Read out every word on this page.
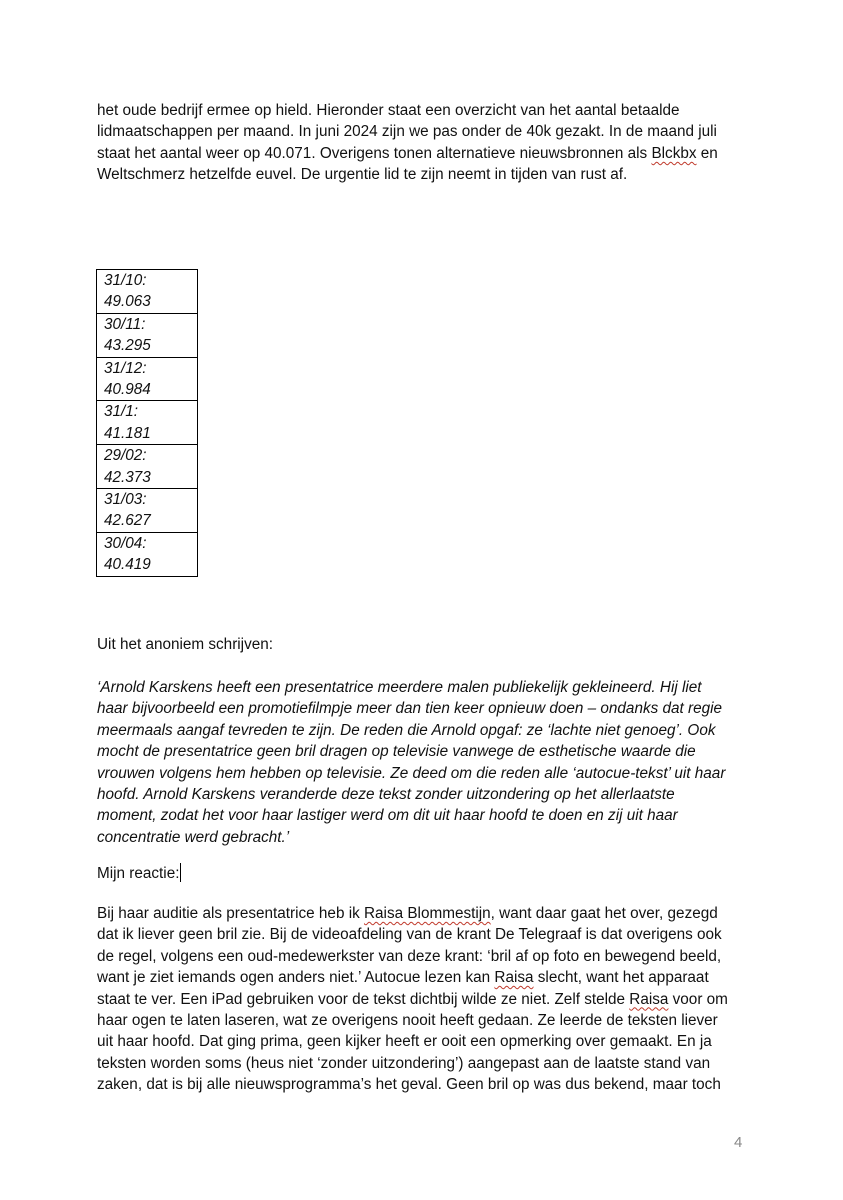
het oude bedrijf ermee op hield. Hieronder staat een overzicht van het aantal betaalde
lidmaatschappen per maand. In juni 2024 zijn we pas onder de 40k gezakt. In de maand juli
staat het aantal weer op 40.071. Overigens tonen alternatieve nieuwsbronnen als Blckbx en
Weltschmerz hetzelfde euvel. De urgentie lid te zijn neemt in tijden van rust af.

31/10:
49.063

30/11:
43.295

31/12:
40.984

31/1:
41.181

29/02:
42.373

31/03:
42.627

30/04:
40.419

Uit het anoniem schrijven:

‘Arnold Karskens heeft een presentatrice meerdere malen publiekelijk gekleineerd. Hij liet
haar bijvoorbeeld een promotiefilmpje meer dan tien keer opnieuw doen – ondanks dat regie
meermaals aangaf tevreden te zijn. De reden die Arnold opgaf: ze ‘lachte niet genoeg’. Ook
mocht de presentatrice geen bril dragen op televisie vanwege de esthetische waarde die
vrouwen volgens hem hebben op televisie. Ze deed om die reden alle ‘autocue-tekst’ uit haar
hoofd. Arnold Karskens veranderde deze tekst zonder uitzondering op het allerlaatste
moment, zodat het voor haar lastiger werd om dit uit haar hoofd te doen en zij uit haar
concentratie werd gebracht.’

Mijn reactie:

Bij haar auditie als presentatrice heb ik Raisa Blommestijn, want daar gaat het over, gezegd
dat ik liever geen bril zie. Bij de videoafdeling van de krant De Telegraaf is dat overigens ook
de regel, volgens een oud-medewerkster van deze krant: ‘bril af op foto en bewegend beeld,
want je ziet iemands ogen anders niet.’ Autocue lezen kan Raisa slecht, want het apparaat
staat te ver. Een iPad gebruiken voor de tekst dichtbij wilde ze niet. Zelf stelde Raisa voor om
haar ogen te laten laseren, wat ze overigens nooit heeft gedaan. Ze leerde de teksten liever
uit haar hoofd. Dat ging prima, geen kijker heeft er ooit een opmerking over gemaakt. En ja
teksten worden soms (heus niet ‘zonder uitzondering’) aangepast aan de laatste stand van
zaken, dat is bij alle nieuwsprogramma’s het geval. Geen bril op was dus bekend, maar toch

4
